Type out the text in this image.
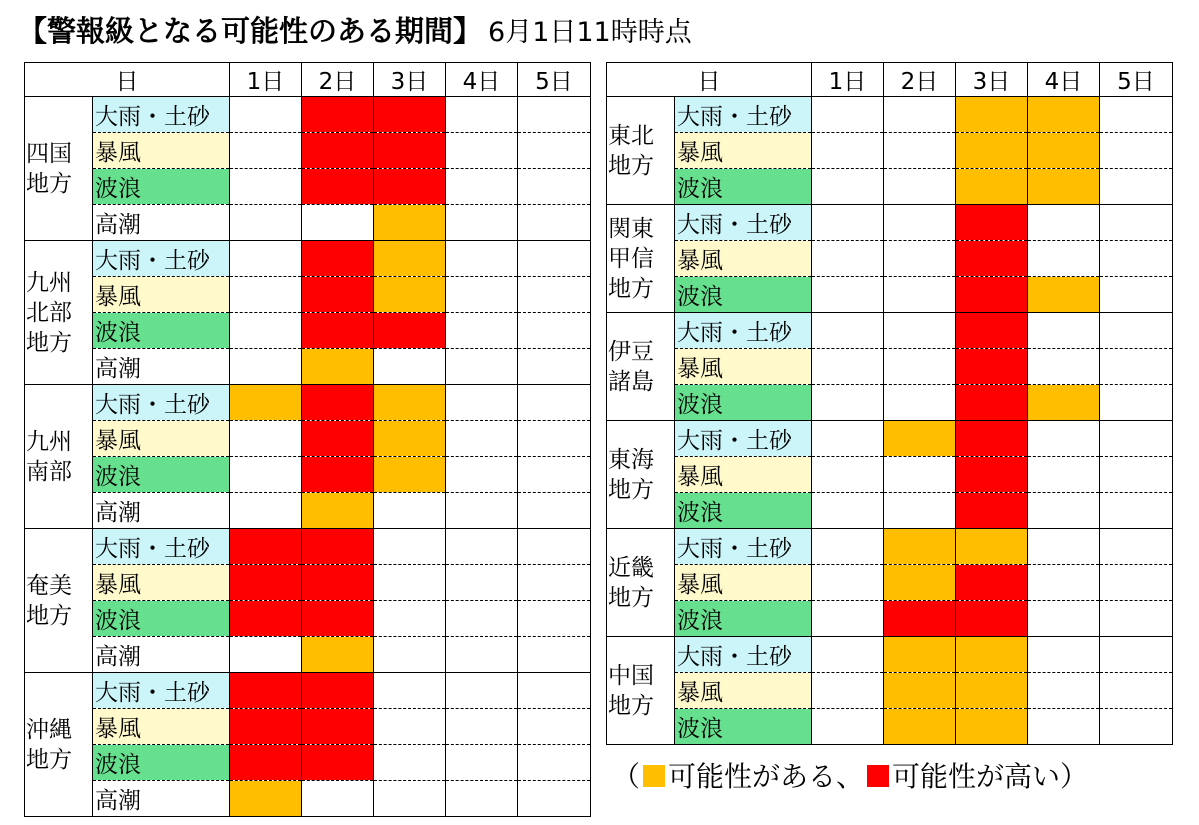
【警報級となる可能性のある期間】 6月1日11時時点
日		1日	2日	3日	4日	5日

四国
地方	大雨・土砂					
	暴風					
	波浪					
	高潮					

九州
北部
地方	大雨・土砂					
	暴風					
	波浪					
	高潮					

九州
南部	大雨・土砂					
	暴風					
	波浪					
	高潮					

奄美
地方	大雨・土砂					
	暴風					
	波浪					
	高潮					

沖縄
地方	大雨・土砂					
	暴風					
	波浪					
	高潮					
日		1日	2日	3日	4日	5日

東北
地方	大雨・土砂					
	暴風					
	波浪					

関東
甲信
地方	大雨・土砂					
	暴風					
	波浪					

伊豆
諸島	大雨・土砂					
	暴風					
	波浪					

東海
地方	大雨・土砂					
	暴風					
	波浪					

近畿
地方	大雨・土砂					
	暴風					
	波浪					

中国
地方	大雨・土砂					
	暴風					
	波浪					
（ 可能性がある、 可能性が高い）
